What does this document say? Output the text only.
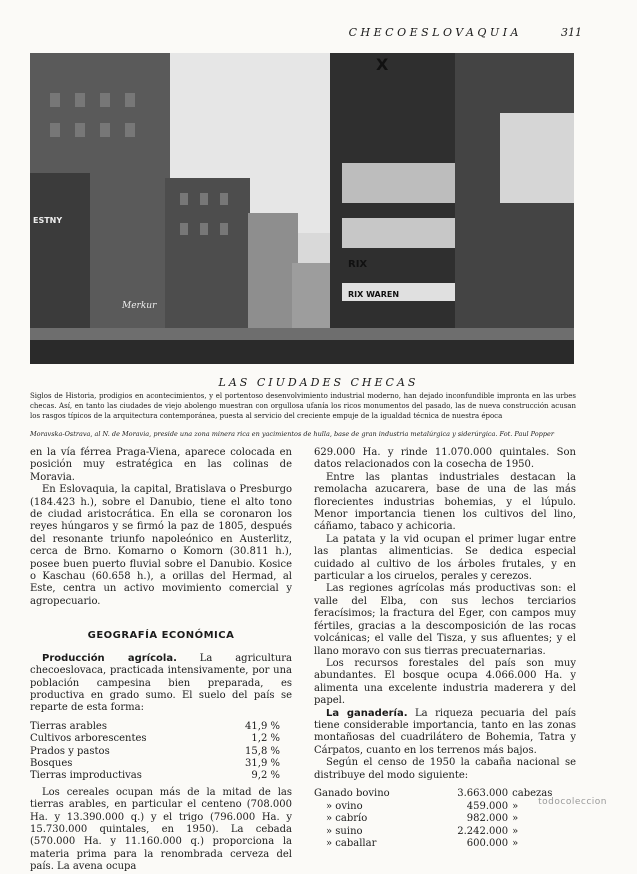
CHECOESLOVAQUIA	311
X
RIX
RIX WAREN
ESTNY
Merkur
LAS CIUDADES CHECAS
Siglos de Historia, prodigios en acontecimientos, y el portentoso desenvolvimiento industrial moderno, han dejado inconfundible impronta en las urbes checas. Así, en tanto las ciudades de viejo abolengo muestran con orgullosa ufanía los ricos monumentos del pasado, las de nueva construcción acusan los rasgos típicos de la arquitectura contemporánea, puesta al servicio del creciente empuje de la igualdad técnica de nuestra época
Moravska-Ostrava, al N. de Moravia, preside una zona minera rica en yacimientos de hulla, base de gran industria metalúrgica y siderúrgica. Fot. Paul Popper

en la vía férrea Praga-Viena, aparece colocada en posición muy estratégica en las colinas de Moravia.

En Eslovaquia, la capital, Bratislava o Presburgo (184.423 h.), sobre el Danubio, tiene el alto tono de ciudad aristocrática. En ella se coronaron los reyes húngaros y se firmó la paz de 1805, después del resonante triunfo napoleónico en Austerlitz, cerca de Brno. Komarno o Komorn (30.811 h.), posee buen puerto fluvial sobre el Danubio. Kosice o Kaschau (60.658 h.), a orillas del Hermad, al Este, centra un activo movimiento comercial y agropecuario.

GEOGRAFÍA ECONÓMICA

Producción agrícola. La agricultura checoeslovaca, practicada intensivamente, por una población campesina bien preparada, es productiva en grado sumo. El suelo del país se reparte de esta forma:

Tierras arables	41,9 %
Cultivos arborescentes	1,2 %
Prados y pastos	15,8 %
Bosques	31,9 %
Tierras improductivas	9,2 %

Los cereales ocupan más de la mitad de las tierras arables, en particular el centeno (708.000 Ha. y 13.390.000 q.) y el trigo (796.000 Ha. y 15.730.000 quintales, en 1950). La cebada (570.000 Ha. y 11.160.000 q.) proporciona la materia prima para la renombrada cerveza del país. La avena ocupa

629.000 Ha. y rinde 11.070.000 quintales. Son datos relacionados con la cosecha de 1950.

Entre las plantas industriales destacan la remolacha azucarera, base de una de las más florecientes industrias bohemias, y el lúpulo. Menor importancia tienen los cultivos del lino, cáñamo, tabaco y achicoria.

La patata y la vid ocupan el primer lugar entre las plantas alimenticias. Se dedica especial cuidado al cultivo de los árboles frutales, y en particular a los ciruelos, perales y cerezos.

Las regiones agrícolas más productivas son: el valle del Elba, con sus lechos terciarios feracísimos; la fractura del Eger, con campos muy fértiles, gracias a la descomposición de las rocas volcánicas; el valle del Tisza, y sus afluentes; y el llano moravo con sus tierras precuaternarias.

Los recursos forestales del país son muy abundantes. El bosque ocupa 4.066.000 Ha. y alimenta una excelente industria maderera y del papel.

La ganadería. La riqueza pecuaria del país tiene considerable importancia, tanto en las zonas montañosas del cuadrilátero de Bohemia, Tatra y Cárpatos, cuanto en los terrenos más bajos.

Según el censo de 1950 la cabaña nacional se distribuye del modo siguiente:

Ganado bovino	3.663.000	cabezas
» ovino	459.000	»
» cabrío	982.000	»
» suino	2.242.000	»
» caballar	600.000	»
todocoleccion
